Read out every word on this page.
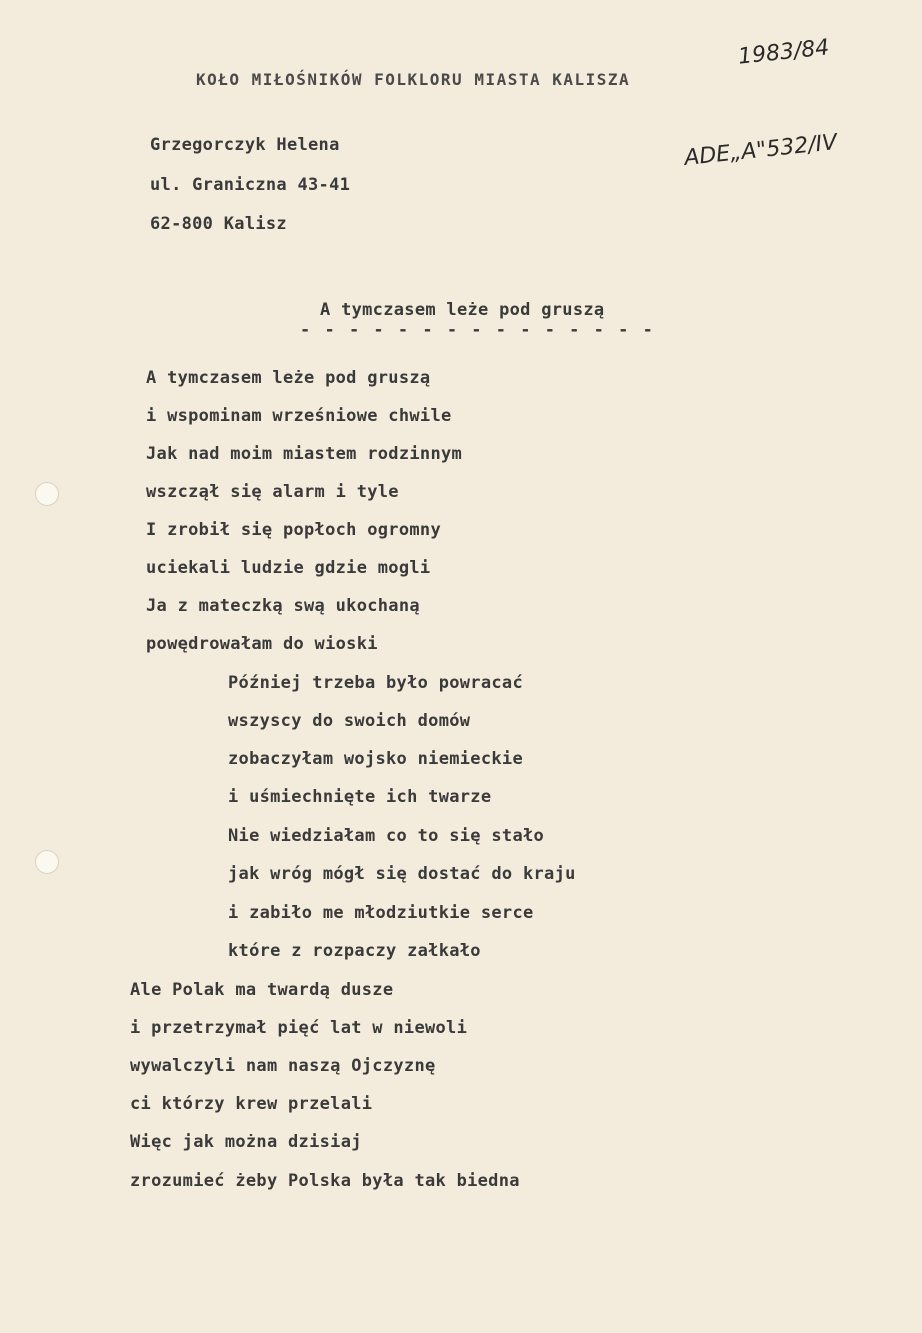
KOŁO MIŁOŚNIKÓW FOLKLORU MIASTA KALISZA
1983/84
ADE„A"532/IV
Grzegorczyk Helena
ul. Graniczna 43-41
62-800 Kalisz
A tymczasem leże pod gruszą
- - - - - - - - - - - - - - -
A tymczasem leże pod gruszą
i wspominam wrześniowe chwile
Jak nad moim miastem rodzinnym
wszczął się alarm i tyle
I zrobił się popłoch ogromny
uciekali ludzie gdzie mogli
Ja z mateczką swą ukochaną
powędrowałam do wioski
Później trzeba było powracać
wszyscy do swoich domów
zobaczyłam wojsko niemieckie
i uśmiechnięte ich twarze
Nie wiedziałam co to się stało
jak wróg mógł się dostać do kraju
i zabiło me młodziutkie serce
które z rozpaczy załkało
Ale Polak ma twardą dusze
i przetrzymał pięć lat w niewoli
wywalczyli nam naszą Ojczyznę
ci którzy krew przelali
Więc jak można dzisiaj
zrozumieć żeby Polska była tak biedna
